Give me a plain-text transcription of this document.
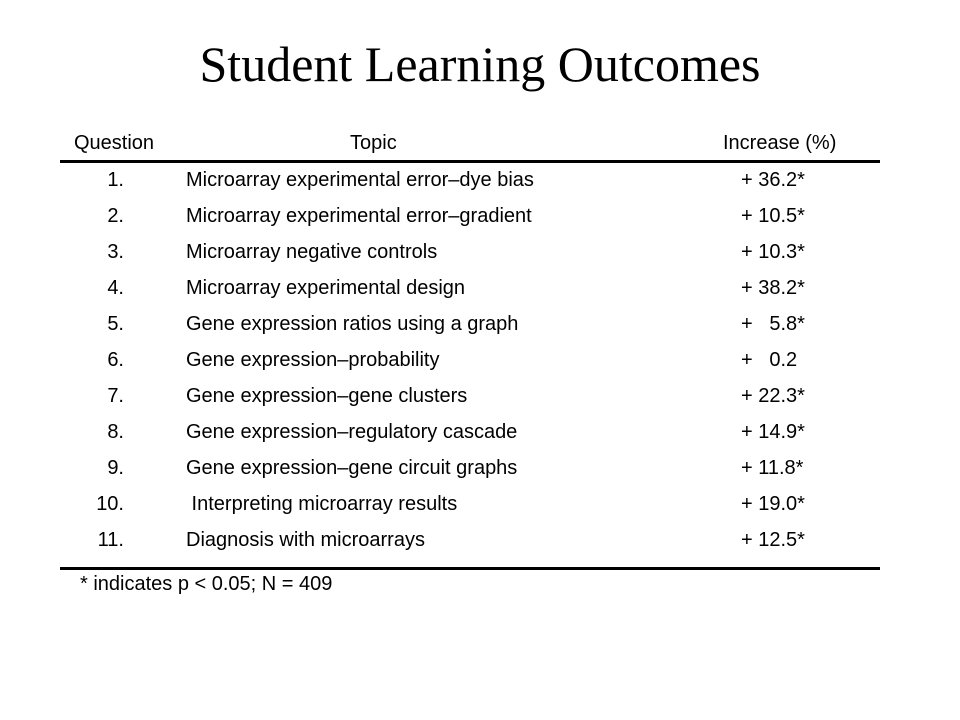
Student Learning Outcomes
Question	Topic	Increase (%)
1.	Microarray experimental error–dye bias	+ 36.2*
2.	Microarray experimental error–gradient	+ 10.5*
3.	Microarray negative controls	+ 10.3*
4.	Microarray experimental design	+ 38.2*
5.	Gene expression ratios using a graph	+   5.8*
6.	Gene expression–probability	+   0.2
7.	Gene expression–gene clusters	+ 22.3*
8.	Gene expression–regulatory cascade	+ 14.9*
9.	Gene expression–gene circuit graphs	+ 11.8*
10.	Interpreting microarray results	+ 19.0*
11.	Diagnosis with microarrays	+ 12.5*
* indicates p < 0.05; N = 409
